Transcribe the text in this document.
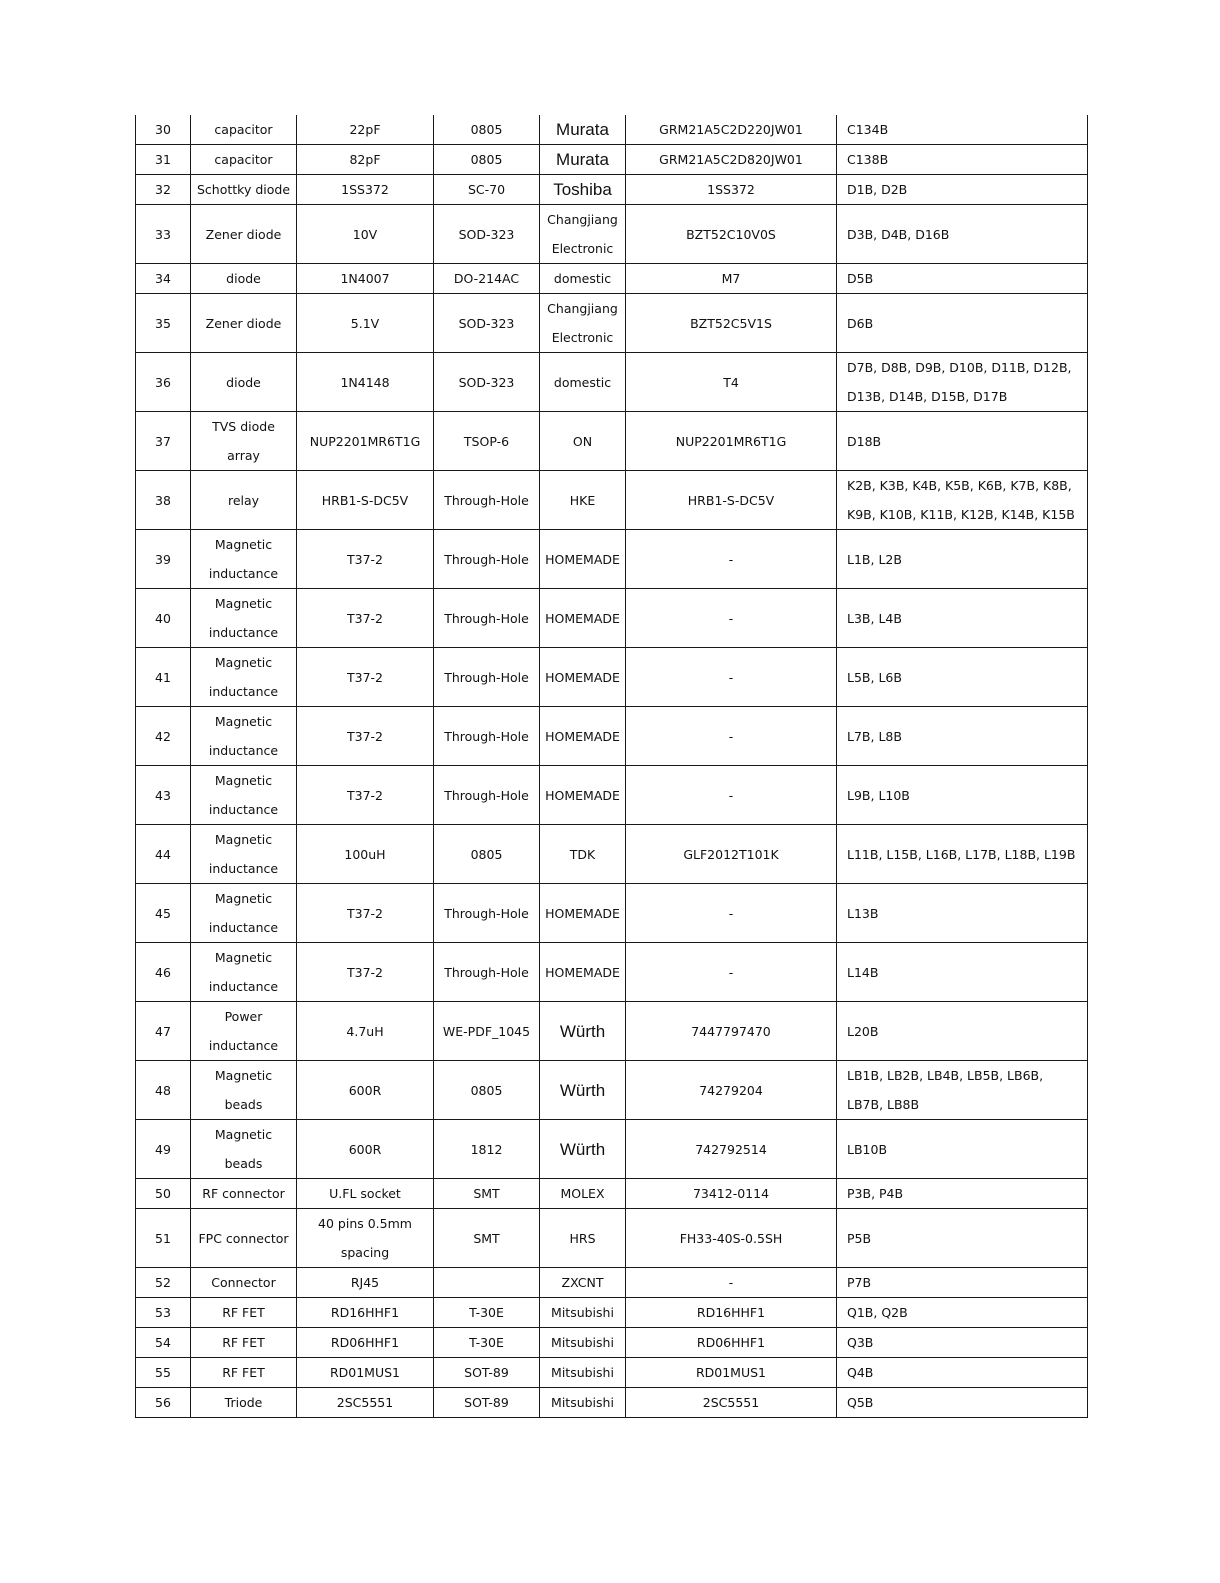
30	capacitor	22pF	0805	Murata	GRM21A5C2D220JW01	C134B
31	capacitor	82pF	0805	Murata	GRM21A5C2D820JW01	C138B
32	Schottky diode	1SS372	SC-70	Toshiba	1SS372	D1B, D2B
33	Zener diode	10V	SOD-323	Changjiang Electronic	BZT52C10V0S	D3B, D4B, D16B
34	diode	1N4007	DO-214AC	domestic	M7	D5B
35	Zener diode	5.1V	SOD-323	Changjiang Electronic	BZT52C5V1S	D6B
36	diode	1N4148	SOD-323	domestic	T4	D7B, D8B, D9B, D10B, D11B, D12B, D13B, D14B, D15B, D17B
37	TVS diode array	NUP2201MR6T1G	TSOP-6	ON	NUP2201MR6T1G	D18B
38	relay	HRB1-S-DC5V	Through-Hole	HKE	HRB1-S-DC5V	K2B, K3B, K4B, K5B, K6B, K7B, K8B, K9B, K10B, K11B, K12B, K14B, K15B
39	Magnetic inductance	T37-2	Through-Hole	HOMEMADE	-	L1B, L2B
40	Magnetic inductance	T37-2	Through-Hole	HOMEMADE	-	L3B, L4B
41	Magnetic inductance	T37-2	Through-Hole	HOMEMADE	-	L5B, L6B
42	Magnetic inductance	T37-2	Through-Hole	HOMEMADE	-	L7B, L8B
43	Magnetic inductance	T37-2	Through-Hole	HOMEMADE	-	L9B, L10B
44	Magnetic inductance	100uH	0805	TDK	GLF2012T101K	L11B, L15B, L16B, L17B, L18B, L19B
45	Magnetic inductance	T37-2	Through-Hole	HOMEMADE	-	L13B
46	Magnetic inductance	T37-2	Through-Hole	HOMEMADE	-	L14B
47	Power inductance	4.7uH	WE-PDF_1045	Würth	7447797470	L20B
48	Magnetic beads	600R	0805	Würth	74279204	LB1B, LB2B, LB4B, LB5B, LB6B, LB7B, LB8B
49	Magnetic beads	600R	1812	Würth	742792514	LB10B
50	RF connector	U.FL socket	SMT	MOLEX	73412-0114	P3B, P4B
51	FPC connector	40 pins 0.5mm spacing	SMT	HRS	FH33-40S-0.5SH	P5B
52	Connector	RJ45		ZXCNT	-	P7B
53	RF FET	RD16HHF1	T-30E	Mitsubishi	RD16HHF1	Q1B, Q2B
54	RF FET	RD06HHF1	T-30E	Mitsubishi	RD06HHF1	Q3B
55	RF FET	RD01MUS1	SOT-89	Mitsubishi	RD01MUS1	Q4B
56	Triode	2SC5551	SOT-89	Mitsubishi	2SC5551	Q5B
